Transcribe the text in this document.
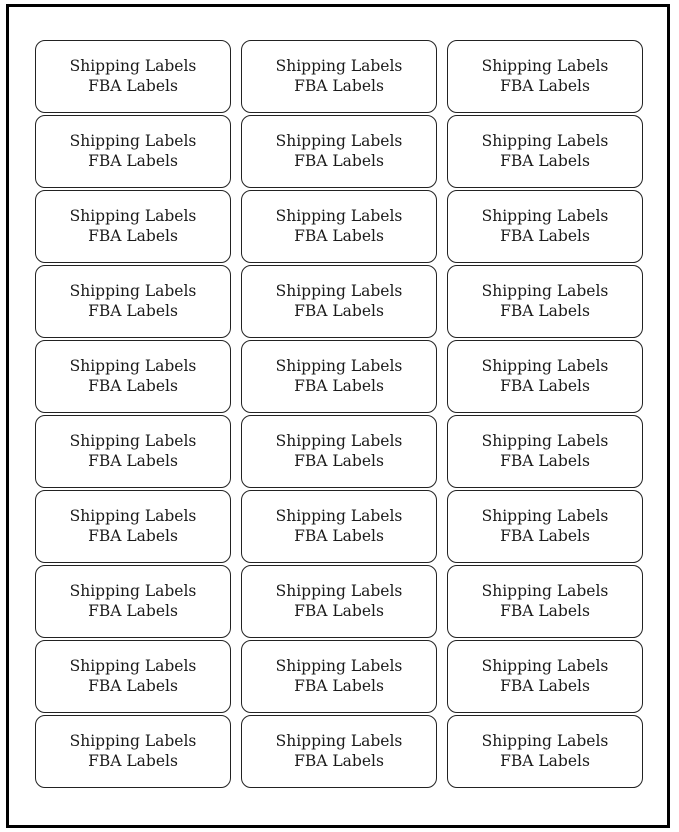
Shipping Labels
FBA Labels
Shipping Labels
FBA Labels
Shipping Labels
FBA Labels
Shipping Labels
FBA Labels
Shipping Labels
FBA Labels
Shipping Labels
FBA Labels
Shipping Labels
FBA Labels
Shipping Labels
FBA Labels
Shipping Labels
FBA Labels
Shipping Labels
FBA Labels
Shipping Labels
FBA Labels
Shipping Labels
FBA Labels
Shipping Labels
FBA Labels
Shipping Labels
FBA Labels
Shipping Labels
FBA Labels
Shipping Labels
FBA Labels
Shipping Labels
FBA Labels
Shipping Labels
FBA Labels
Shipping Labels
FBA Labels
Shipping Labels
FBA Labels
Shipping Labels
FBA Labels
Shipping Labels
FBA Labels
Shipping Labels
FBA Labels
Shipping Labels
FBA Labels
Shipping Labels
FBA Labels
Shipping Labels
FBA Labels
Shipping Labels
FBA Labels
Shipping Labels
FBA Labels
Shipping Labels
FBA Labels
Shipping Labels
FBA Labels
